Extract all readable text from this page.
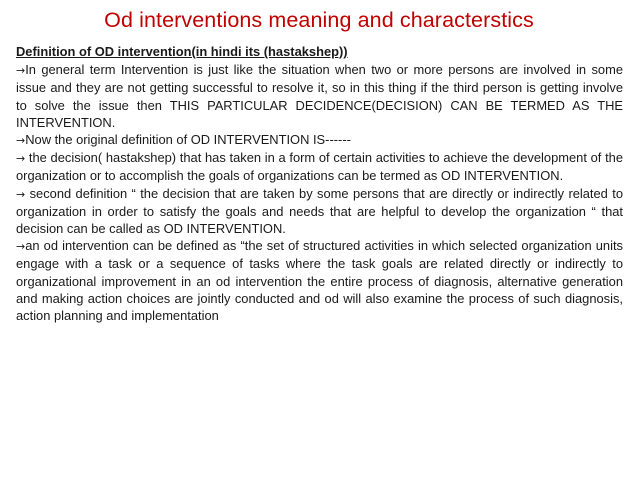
Od interventions meaning and characterstics
Definition of OD intervention(in hindi its (hastakshep))

→In general term Intervention is just like the situation when two or more persons are involved in some issue and they are not getting successful to resolve it, so in this thing if the third person is getting involve to solve the issue then THIS PARTICULAR DECIDENCE(DECISION) CAN BE TERMED AS THE INTERVENTION.

→Now the original definition of OD INTERVENTION IS------

→ the decision( hastakshep) that has taken in a form of certain activities to achieve the development of the organization or to accomplish the goals of organizations can be termed as OD INTERVENTION.

→ second definition “ the decision that are taken by some persons that are directly or indirectly related to organization in order to satisfy the goals and needs that are helpful to develop the organization “ that decision can be called as OD INTERVENTION.

→an od intervention can be defined as “the set of structured activities in which selected organization units engage with a task or a sequence of tasks where the task goals are related directly or indirectly to organizational improvement in an od intervention the entire process of diagnosis, alternative generation and making action choices are jointly conducted and od will also examine the process of such diagnosis, action planning and implementation
